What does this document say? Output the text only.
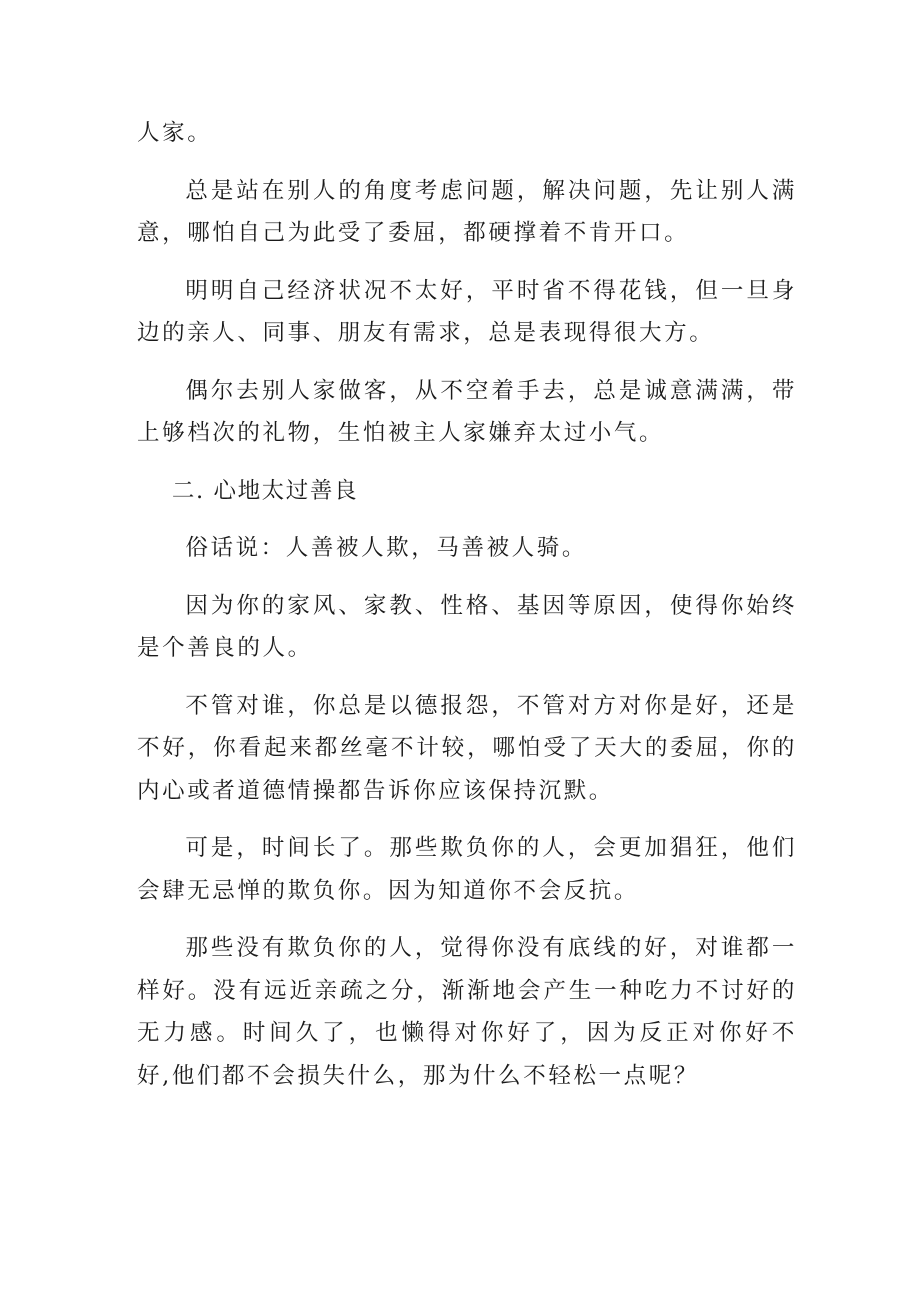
人家。

总是站在别人的角度考虑问题，解决问题，先让别人满意，哪怕自己为此受了委屈，都硬撑着不肯开口。

明明自己经济状况不太好，平时省不得花钱，但一旦身边的亲人、同事、朋友有需求，总是表现得很大方。

偶尔去别人家做客，从不空着手去，总是诚意满满，带上够档次的礼物，生怕被主人家嫌弃太过小气。

二. 心地太过善良

俗话说：人善被人欺，马善被人骑。

因为你的家风、家教、性格、基因等原因，使得你始终是个善良的人。

不管对谁，你总是以德报怨，不管对方对你是好，还是不好，你看起来都丝毫不计较，哪怕受了天大的委屈，你的内心或者道德情操都告诉你应该保持沉默。

可是，时间长了。那些欺负你的人，会更加猖狂，他们会肆无忌惮的欺负你。因为知道你不会反抗。

那些没有欺负你的人，觉得你没有底线的好，对谁都一样好。没有远近亲疏之分，渐渐地会产生一种吃力不讨好的无力感。时间久了，也懒得对你好了，因为反正对你好不好,他们都不会损失什么，那为什么不轻松一点呢？
